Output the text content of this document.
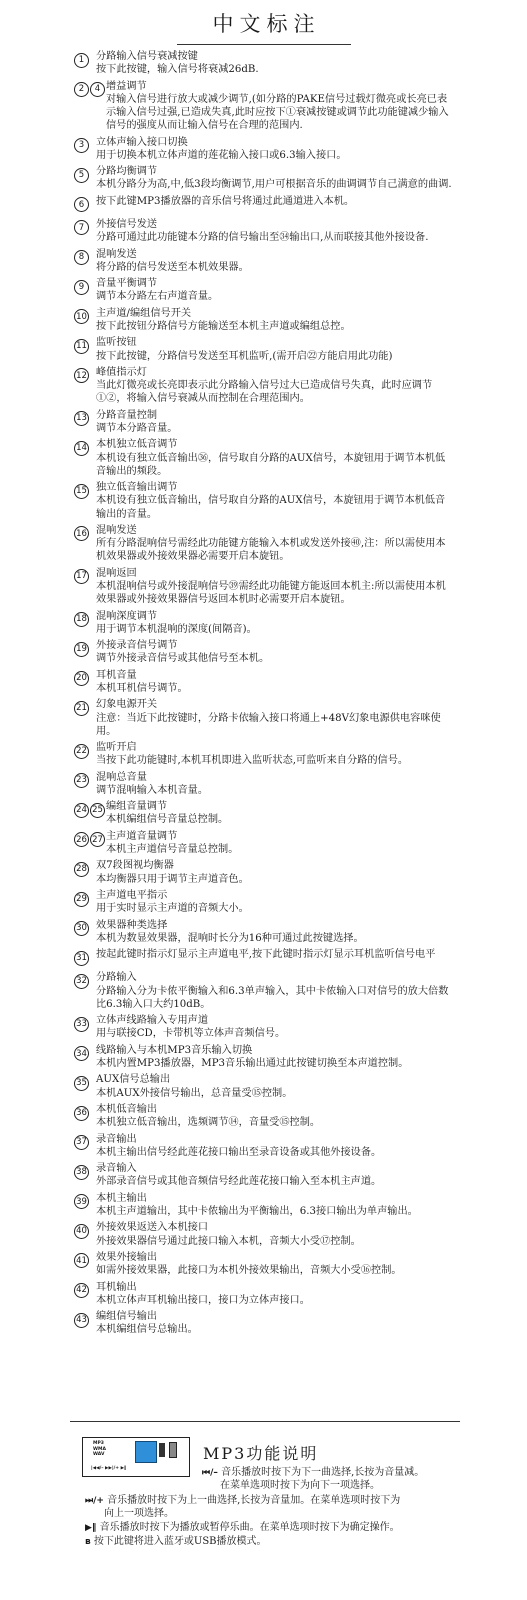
中文标注
1	分路输入信号衰减按键
按下此按键，输入信号将衰减26dB.
2	4 增益调节
对输入信号进行放大或减少调节,(如分路的PAKE信号过载灯微亮或长亮已表示输入信号过强,已造成失真,此时应按下①衰减按键或调节此功能键减少输入信号的强度从而让输入信号在合理的范围内.
3	立体声输入接口切换
用于切换本机立体声道的莲花输入接口或6.3输入接口。
5	分路均衡调节
本机分路分为高,中,低3段均衡调节,用户可根据音乐的曲调调节自己满意的曲调.
6	按下此键MP3播放器的音乐信号将通过此通道进入本机。
7	外接信号发送
分路可通过此功能键本分路的信号输出至㉞输出口,从而联接其他外接设备.
8	混响发送
将分路的信号发送至本机效果器。
9	音量平衡调节
调节本分路左右声道音量。
10 主声道/编组信号开关
按下此按钮分路信号方能输送至本机主声道或编组总控。
11 监听按钮
按下此按键，分路信号发送至耳机监听,(需开启㉒方能启用此功能)
12 峰值指示灯
当此灯微亮或长亮即表示此分路输入信号过大已造成信号失真，此时应调节①②，将输入信号衰减从而控制在合理范围内。
13 分路音量控制
调节本分路音量。
14 本机独立低音调节
本机设有独立低音输出㊱，信号取自分路的AUX信号，本旋钮用于调节本机低音输出的频段。
15 独立低音输出调节
本机设有独立低音输出，信号取自分路的AUX信号，本旋钮用于调节本机低音输出的音量。
16 混响发送
所有分路混响信号需经此功能键方能输入本机或发送外接㊵,注：所以需使用本机效果器或外接效果器必需要开启本旋钮。
17 混响返回
本机混响信号或外接混响信号㊴需经此功能键方能返回本机主:所以需使用本机效果器或外接效果器信号返回本机时必需要开启本旋钮。
18 混响深度调节
用于调节本机混响的深度(间隔音)。
19 外接录音信号调节
调节外接录音信号或其他信号至本机。
20 耳机音量
本机耳机信号调节。
21 幻象电源开关
注意：当近下此按键时，分路卡依输入接口将通上+48V幻象电源供电容咪使用。
22 监听开启
当按下此功能键时,本机耳机即进入监听状态,可监听来自分路的信号。
23 混响总音量
调节混响输入本机音量。
24 25 编组音量调节
本机编组信号音量总控制。
26 27 主声道音量调节
本机主声道信号音量总控制。
28 双7段图视均衡器
本均衡器只用于调节主声道音色。
29 主声道电平指示
用于实时显示主声道的音频大小。
30 效果器种类选择
本机为数显效果器，混响时长分为16种可通过此按键选择。
31 按起此键时指示灯显示主声道电平,按下此键时指示灯显示耳机监听信号电平
32 分路输入
分路输入分为卡侬平衡输入和6.3单声输入，其中卡侬输入口对信号的放大倍数比6.3输入口大约10dB。
33 立体声线路输入专用声道
用与联接CD，卡带机等立体声音频信号。
34 线路输入与本机MP3音乐输入切换
本机内置MP3播放器，MP3音乐输出通过此按键切换至本声道控制。
35 AUX信号总输出
本机AUX外接信号输出，总音量受⑮控制。
36 本机低音输出
本机独立低音输出，选频调节⑭，音量受⑮控制。
37 录音输出
本机主输出信号经此莲花接口输出至录音设备或其他外接设备。
38 录音输入
外部录音信号或其他音频信号经此莲花接口输入至本机主声道。
39 本机主输出
本机主声道输出，其中卡侬输出为平衡输出，6.3接口输出为单声输出。
40 外接效果返送入本机接口
外接效果器信号通过此接口输入本机，音频大小受⑰控制。
41 效果外接输出
如需外接效果器，此接口为本机外接效果输出，音频大小受⑯控制。
42 耳机输出
本机立体声耳机输出接口，接口为立体声接口。
43 编组信号输出
本机编组信号总输出。
MP3
WMA
WAV
|◀◀/– ▶▶|/+ ▶‖
MP3功能说明
⏮/– 音乐播放时按下为下一曲选择,长按为音量减。
在菜单选项时按下为向下一项选择。
⏭/+ 音乐播放时按下为上一曲选择,长按为音量加。在菜单选项时按下为
向上一项选择。
▶‖ 音乐播放时按下为播放或暂停乐曲。在菜单选项时按下为确定操作。
ʙ 按下此键将进入蓝牙或USB播放模式。
